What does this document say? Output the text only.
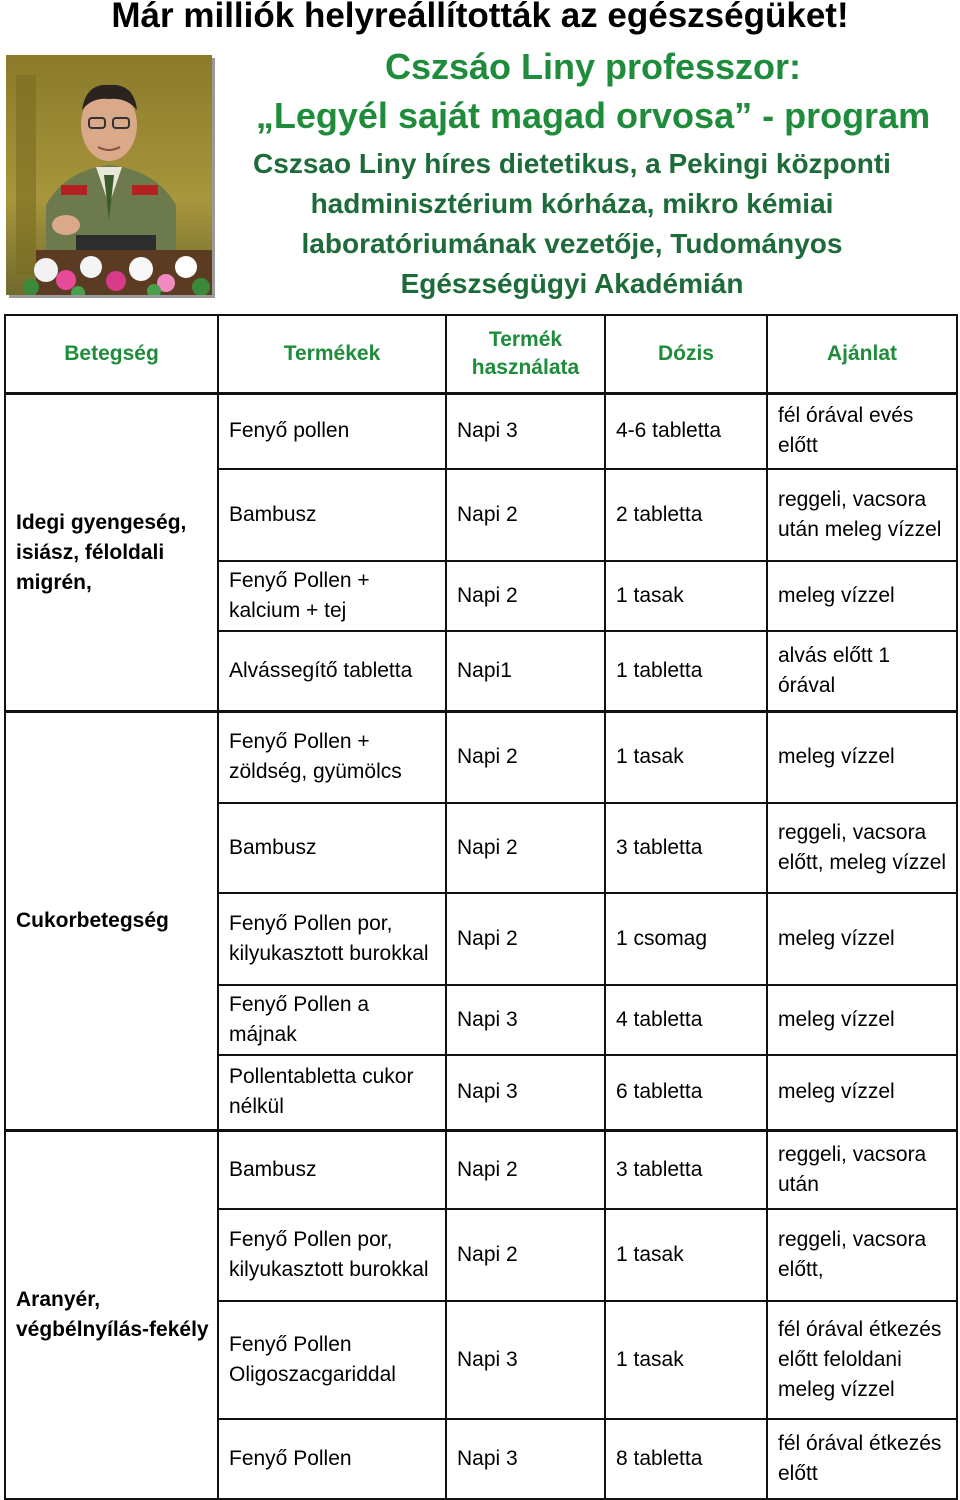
Már milliók helyreállították az egészségüket!
Cszsáo Liny professzor:
„Legyél saját magad orvosa” - program
Cszsao Liny híres dietetikus, a Pekingi központi hadminisztérium kórháza, mikro kémiai laboratóriumának vezetője, Tudományos Egészségügyi Akadémián
Betegség	Termékek	Termék használata	Dózis	Ajánlat
Idegi gyengeség, isiász, féloldali migrén,	Fenyő pollen	Napi 3	4-6 tabletta	fél órával evés előtt
	Bambusz	Napi 2	2 tabletta	reggeli, vacsora után meleg vízzel
	Fenyő Pollen + kalcium + tej	Napi 2	1 tasak	meleg vízzel
	Alvássegítő tabletta	Napi1	1 tabletta	alvás előtt 1 órával
Cukorbetegség	Fenyő Pollen + zöldség, gyümölcs	Napi 2	1 tasak	meleg vízzel
	Bambusz	Napi 2	3 tabletta	reggeli, vacsora előtt, meleg vízzel
	Fenyő Pollen por, kilyukasztott burokkal	Napi 2	1 csomag	meleg vízzel
	Fenyő Pollen a májnak	Napi 3	4 tabletta	meleg vízzel
	Pollentabletta cukor nélkül	Napi 3	6 tabletta	meleg vízzel
Aranyér, végbélnyílás-fekély	Bambusz	Napi 2	3 tabletta	reggeli, vacsora után
	Fenyő Pollen por, kilyukasztott burokkal	Napi 2	1 tasak	reggeli, vacsora előtt,
	Fenyő Pollen Oligoszacgariddal	Napi 3	1 tasak	fél órával étkezés előtt feloldani meleg vízzel
	Fenyő Pollen	Napi 3	8 tabletta	fél órával étkezés előtt
